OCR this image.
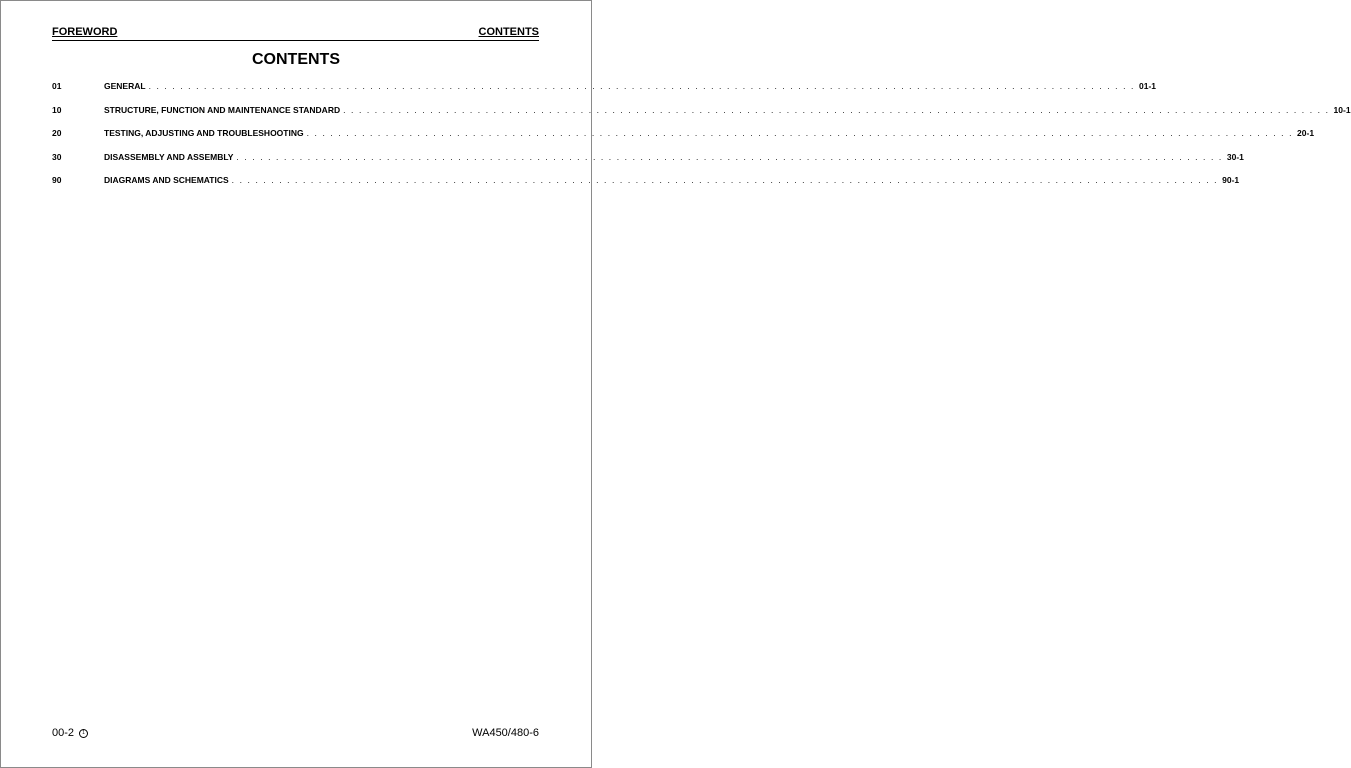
FOREWORD	CONTENTS
CONTENTS
01	GENERAL . . . . . . . . . . . . . . . . . . . . . . . . . . . . . . . . . . . . . . . . . . . . . . . . . . . . . . . . . . . . . . . . . . . . . . . . . . . . . . . . . . . . . . . . . . . . . . . . . . . . . . . . . . . . . . . . . . . . . . . . . . . . . 01-1
10	STRUCTURE, FUNCTION AND MAINTENANCE STANDARD . . . . . . . . . . . . . . . . . . . . . . . . . . . . . . . . . . . . . . . . . . . . . . . . . . . . . . . . . . . . . . . . . . . . . . . . . . . . . . . . . . . . . . . . . . . . . . . . . . . . . . . . . . . . . . . . . . . . . . . . . . . . . 10-1
20	TESTING, ADJUSTING AND TROUBLESHOOTING . . . . . . . . . . . . . . . . . . . . . . . . . . . . . . . . . . . . . . . . . . . . . . . . . . . . . . . . . . . . . . . . . . . . . . . . . . . . . . . . . . . . . . . . . . . . . . . . . . . . . . . . . . . . . . . . . . . . . . . . . . . . . 20-1
30	DISASSEMBLY AND ASSEMBLY . . . . . . . . . . . . . . . . . . . . . . . . . . . . . . . . . . . . . . . . . . . . . . . . . . . . . . . . . . . . . . . . . . . . . . . . . . . . . . . . . . . . . . . . . . . . . . . . . . . . . . . . . . . . . . . . . . . . . . . . . . . . . 30-1
90	DIAGRAMS AND SCHEMATICS . . . . . . . . . . . . . . . . . . . . . . . . . . . . . . . . . . . . . . . . . . . . . . . . . . . . . . . . . . . . . . . . . . . . . . . . . . . . . . . . . . . . . . . . . . . . . . . . . . . . . . . . . . . . . . . . . . . . . . . . . . . . . 90-1
00-2	1	WA450/480-6
